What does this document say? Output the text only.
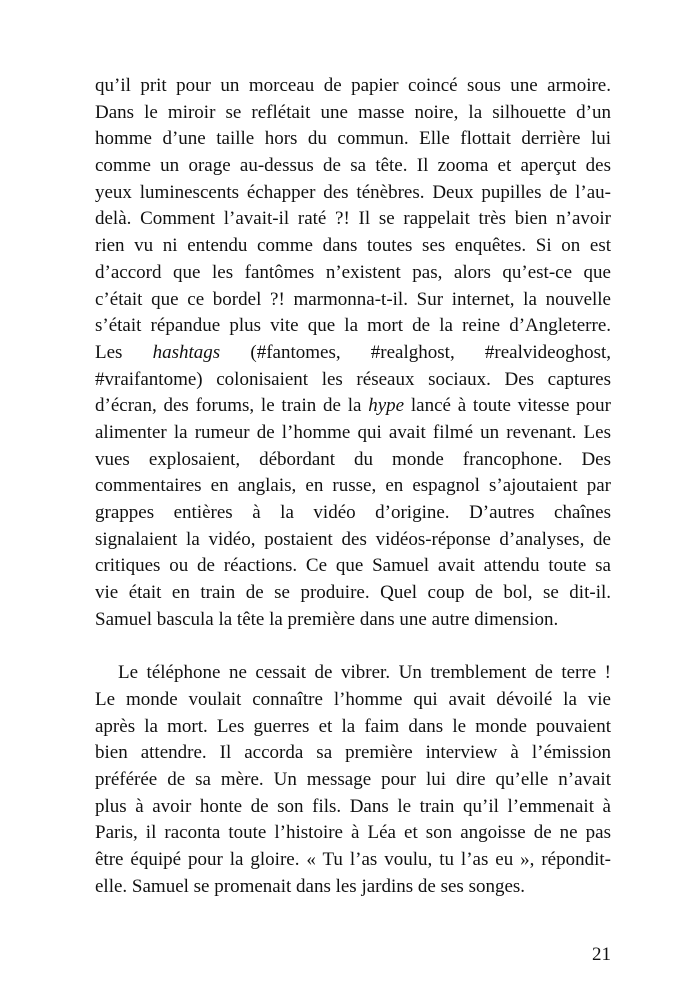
qu’il prit pour un morceau de papier coincé sous une armoire.
Dans le miroir se reflétait une masse noire, la silhouette d’un
homme d’une taille hors du commun. Elle flottait derrière lui
comme un orage au-dessus de sa tête. Il zooma et aperçut des
yeux luminescents échapper des ténèbres. Deux pupilles de l’au-
delà. Comment l’avait-il raté ?! Il se rappelait très bien n’avoir
rien vu ni entendu comme dans toutes ses enquêtes. Si on est
d’accord que les fantômes n’existent pas, alors qu’est-ce que
c’était que ce bordel ?! marmonna-t-il. Sur internet, la nouvelle
s’était répandue plus vite que la mort de la reine d’Angleterre.
Les hashtags (#fantomes, #realghost, #realvideoghost,
#vraifantome) colonisaient les réseaux sociaux. Des captures
d’écran, des forums, le train de la hype lancé à toute vitesse pour
alimenter la rumeur de l’homme qui avait filmé un revenant. Les
vues explosaient, débordant du monde francophone. Des
commentaires en anglais, en russe, en espagnol s’ajoutaient par
grappes entières à la vidéo d’origine. D’autres chaînes
signalaient la vidéo, postaient des vidéos-réponse d’analyses, de
critiques ou de réactions. Ce que Samuel avait attendu toute sa
vie était en train de se produire. Quel coup de bol, se dit-il.
Samuel bascula la tête la première dans une autre dimension.
Le téléphone ne cessait de vibrer. Un tremblement de terre !
Le monde voulait connaître l’homme qui avait dévoilé la vie
après la mort. Les guerres et la faim dans le monde pouvaient
bien attendre. Il accorda sa première interview à l’émission
préférée de sa mère. Un message pour lui dire qu’elle n’avait
plus à avoir honte de son fils. Dans le train qu’il l’emmenait à
Paris, il raconta toute l’histoire à Léa et son angoisse de ne pas
être équipé pour la gloire. « Tu l’as voulu, tu l’as eu », répondit-
elle. Samuel se promenait dans les jardins de ses songes.
21
